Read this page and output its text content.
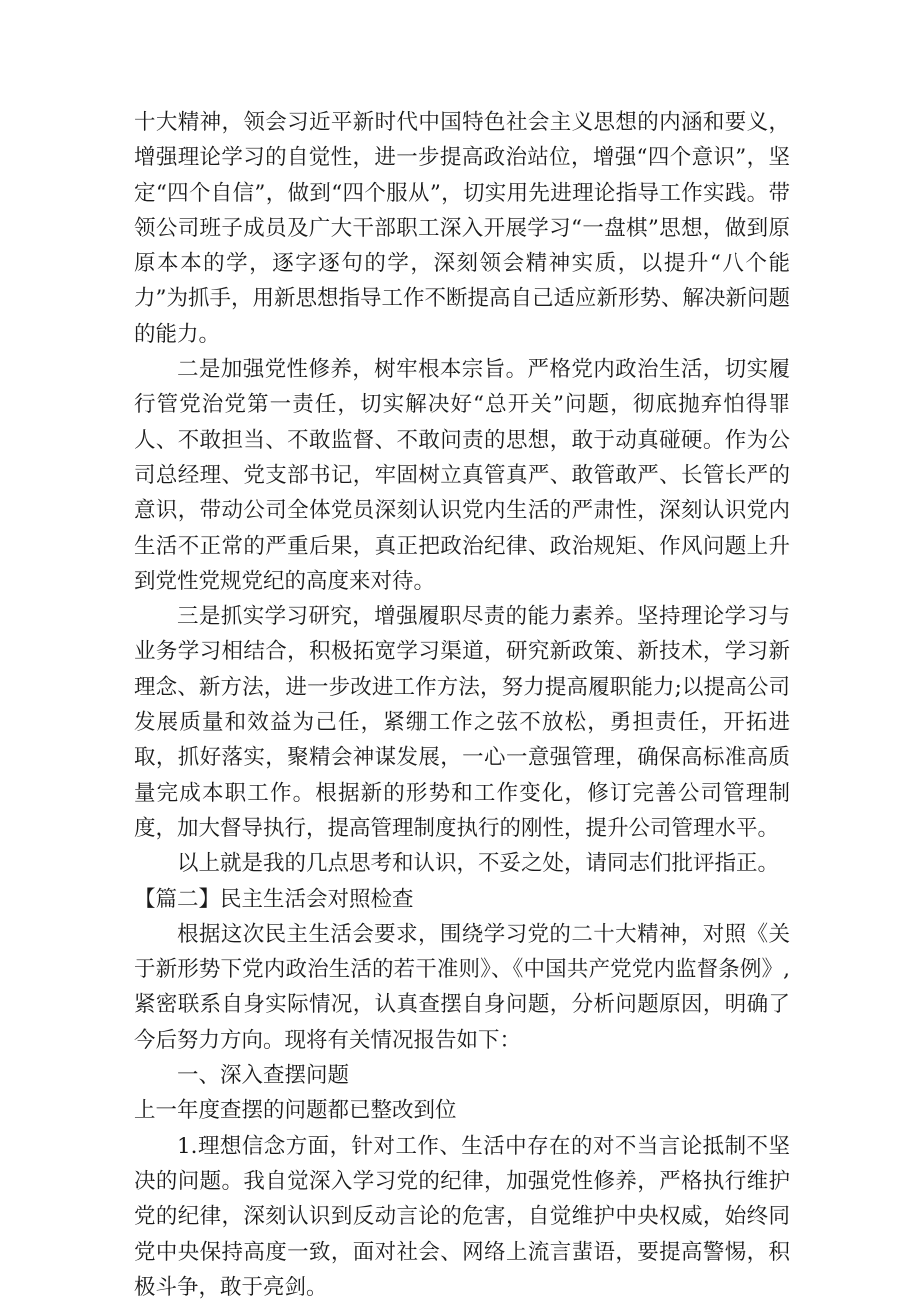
十大精神，领会习近平新时代中国特色社会主义思想的内涵和要义，增强理论学习的自觉性，进一步提高政治站位，增强“四个意识”，坚定“四个自信”，做到“四个服从”，切实用先进理论指导工作实践。带领公司班子成员及广大干部职工深入开展学习“一盘棋”思想，做到原原本本的学，逐字逐句的学，深刻领会精神实质，以提升“八个能力”为抓手，用新思想指导工作不断提高自己适应新形势、解决新问题的能力。

二是加强党性修养，树牢根本宗旨。严格党内政治生活，切实履行管党治党第一责任，切实解决好“总开关”问题，彻底抛弃怕得罪人、不敢担当、不敢监督、不敢问责的思想，敢于动真碰硬。作为公司总经理、党支部书记，牢固树立真管真严、敢管敢严、长管长严的意识，带动公司全体党员深刻认识党内生活的严肃性，深刻认识党内生活不正常的严重后果，真正把政治纪律、政治规矩、作风问题上升到党性党规党纪的高度来对待。

三是抓实学习研究，增强履职尽责的能力素养。坚持理论学习与业务学习相结合，积极拓宽学习渠道，研究新政策、新技术，学习新理念、新方法，进一步改进工作方法，努力提高履职能力;以提高公司发展质量和效益为己任，紧绷工作之弦不放松，勇担责任，开拓进取，抓好落实，聚精会神谋发展，一心一意强管理，确保高标准高质量完成本职工作。根据新的形势和工作变化，修订完善公司管理制度，加大督导执行，提高管理制度执行的刚性，提升公司管理水平。

以上就是我的几点思考和认识，不妥之处，请同志们批评指正。

【篇二】民主生活会对照检查

根据这次民主生活会要求，围绕学习党的二十大精神，对照《关于新形势下党内政治生活的若干准则》、《中国共产党党内监督条例》,紧密联系自身实际情况，认真查摆自身问题，分析问题原因，明确了今后努力方向。现将有关情况报告如下：

一、深入查摆问题

上一年度查摆的问题都已整改到位

1.理想信念方面，针对工作、生活中存在的对不当言论抵制不坚决的问题。我自觉深入学习党的纪律，加强党性修养，严格执行维护党的纪律，深刻认识到反动言论的危害，自觉维护中央权威，始终同党中央保持高度一致，面对社会、网络上流言蜚语，要提高警惕，积极斗争，敢于亮剑。
